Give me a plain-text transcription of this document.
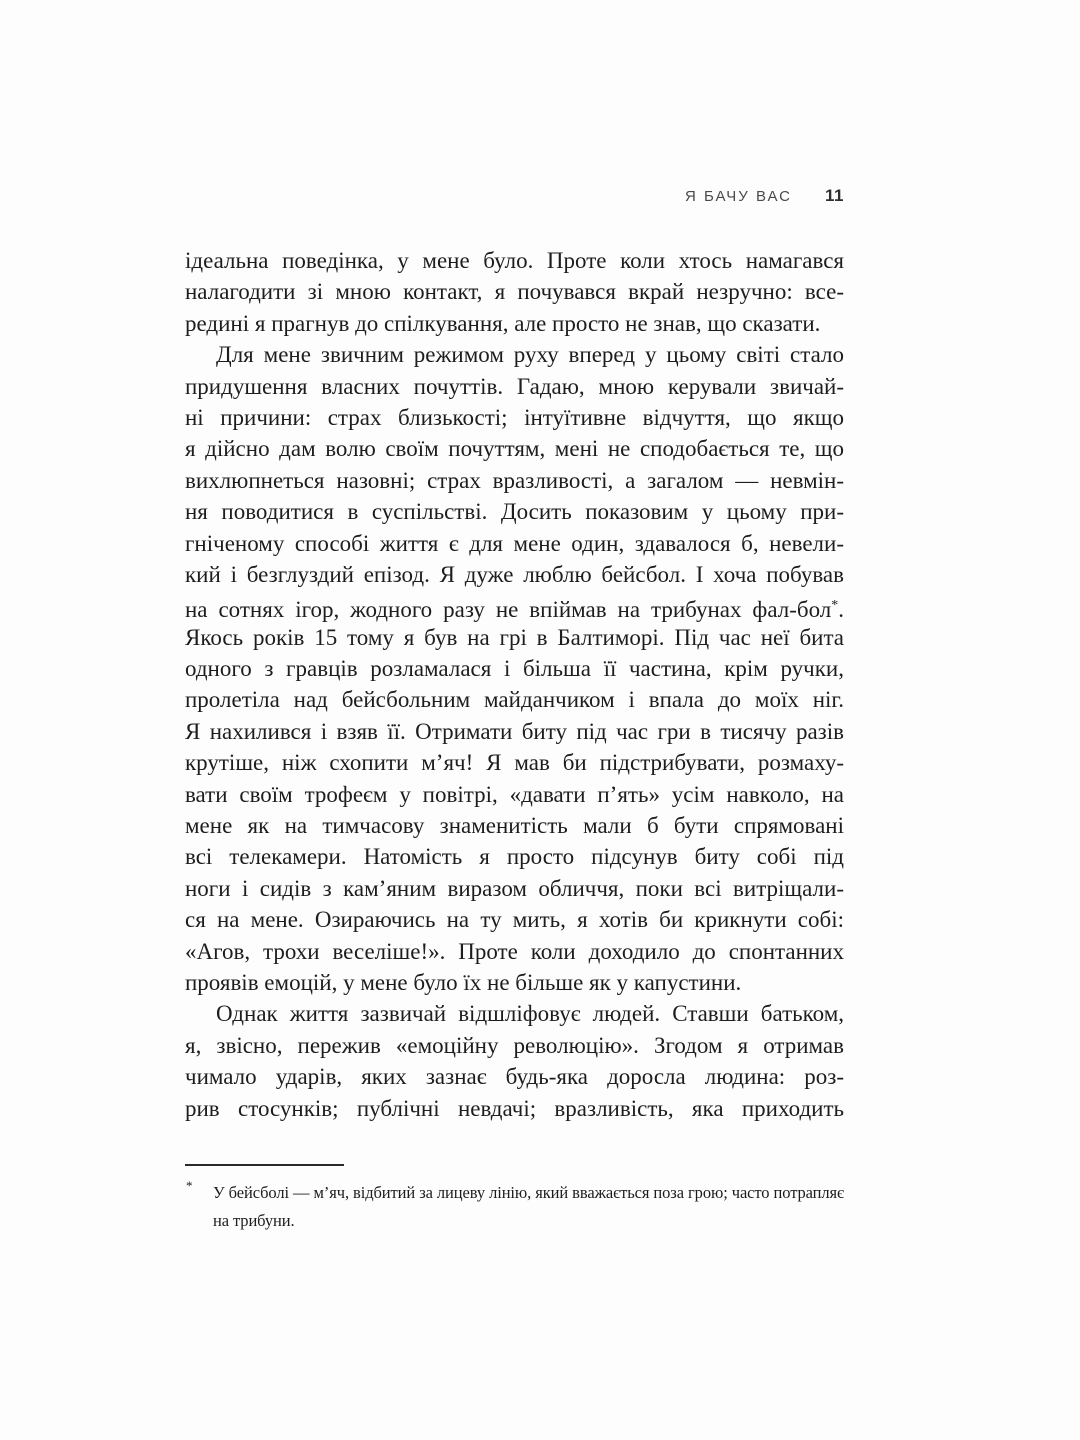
Я БАЧУ ВАС 11
ідеальна поведінка, у мене було. Проте коли хтось намагався
налагодити зі мною контакт, я почувався вкрай незручно: все-
редині я прагнув до спілкування, але просто не знав, що сказати.
Для мене звичним режимом руху вперед у цьому світі стало
придушення власних почуттів. Гадаю, мною керували звичай-
ні причини: страх близькості; інтуїтивне відчуття, що якщо
я дійсно дам волю своїм почуттям, мені не сподобається те, що
вихлюпнеться назовні; страх вразливості, а загалом — невмін-
ня поводитися в суспільстві. Досить показовим у цьому при-
гніченому способі життя є для мене один, здавалося б, невели-
кий і безглуздий епізод. Я дуже люблю бейсбол. І хоча побував
на сотнях ігор, жодного разу не впіймав на трибунах фал-бол*.
Якось років 15 тому я був на грі в Балтиморі. Під час неї бита
одного з гравців розламалася і більша її частина, крім ручки,
пролетіла над бейсбольним майданчиком і впала до моїх ніг.
Я нахилився і взяв її. Отримати биту під час гри в тисячу разів
крутіше, ніж схопити м’яч! Я мав би підстрибувати, розмаху-
вати своїм трофеєм у повітрі, «давати п’ять» усім навколо, на
мене як на тимчасову знаменитість мали б бути спрямовані
всі телекамери. Натомість я просто підсунув биту собі під
ноги і сидів з кам’яним виразом обличчя, поки всі витріщали-
ся на мене. Озираючись на ту мить, я хотів би крикнути собі:
«Агов, трохи веселіше!». Проте коли доходило до спонтанних
проявів емоцій, у мене було їх не більше як у капустини.
Однак життя зазвичай відшліфовує людей. Ставши батьком,
я, звісно, пережив «емоційну революцію». Згодом я отримав
чимало ударів, яких зазнає будь-яка доросла людина: роз-
рив стосунків; публічні невдачі; вразливість, яка приходить
* У бейсболі — м’яч, відбитий за лицеву лінію, який вважається поза грою; часто потрапляє
на трибуни.
